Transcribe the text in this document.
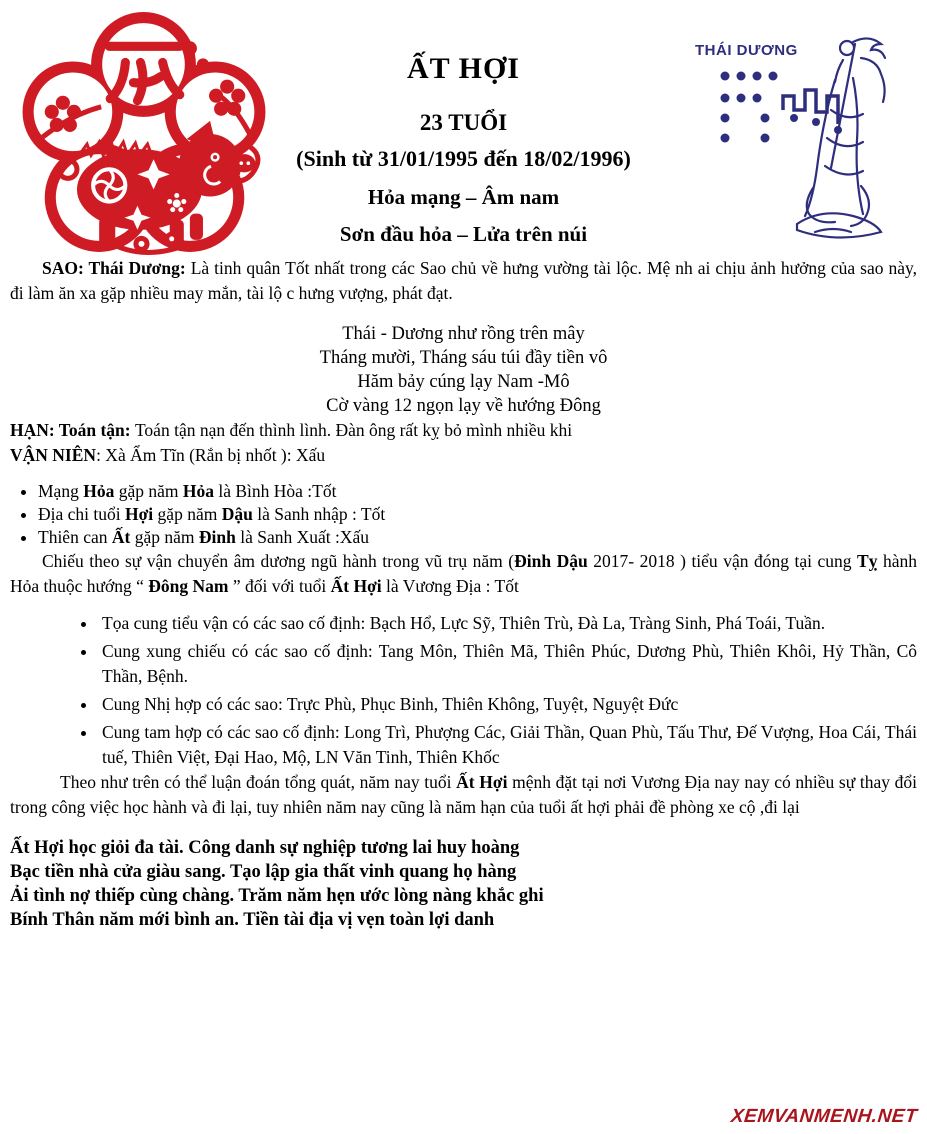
THÁI DƯƠNG
ẤT HỢI
23 TUỔI
(Sinh từ 31/01/1995 đến 18/02/1996)
Hỏa mạng – Âm nam
Sơn đầu hỏa – Lửa trên núi

SAO: Thái Dương: Là tinh quân Tốt nhất trong các Sao chủ về hưng vường tài lộc. Mệ nh ai chịu ảnh hưởng của sao này, đi làm ăn xa gặp nhiều may mắn, tài lộ c hưng vượng, phát đạt.

Thái - Dương như rồng trên mây

Tháng mười, Tháng sáu túi đầy tiền vô

Hăm bảy cúng lạy Nam -Mô

Cờ vàng 12 ngọn lạy về hướng Đông

HẠN: Toán tận: Toán tận nạn đến thình lình. Đàn ông rất kỵ bỏ mình nhiều khi

VẬN NIÊN: Xà Ẩm Tĩn (Rắn bị nhốt ): Xấu

• Mạng Hỏa gặp năm Hỏa là Bình Hòa :Tốt
• Địa chi tuổi Hợi gặp năm Dậu là Sanh nhập : Tốt
• Thiên can Ất gặp năm Đinh là Sanh Xuất :Xấu

Chiếu theo sự vận chuyển âm dương ngũ hành trong vũ trụ năm (Đinh Dậu 2017- 2018 ) tiểu vận đóng tại cung Tỵ hành Hỏa thuộc hướng “ Đông Nam ” đối với tuổi Ất Hợi là Vương Địa : Tốt

• Tọa cung tiểu vận có các sao cố định: Bạch Hổ, Lực Sỹ, Thiên Trù, Đà La, Tràng Sinh, Phá Toái, Tuần.
• Cung xung chiếu có các sao cố định: Tang Môn, Thiên Mã, Thiên Phúc, Dương Phù, Thiên Khôi, Hỷ Thần, Cô Thần, Bệnh.
• Cung Nhị hợp có các sao: Trực Phù, Phục Binh, Thiên Không, Tuyệt, Nguyệt Đức
• Cung tam hợp có các sao cố định: Long Trì, Phượng Các, Giải Thần, Quan Phù, Tấu Thư, Đế Vượng, Hoa Cái, Thái tuế, Thiên Việt, Đại Hao, Mộ, LN Văn Tinh, Thiên Khốc

Theo như trên có thể luận đoán tổng quát, năm nay tuổi Ất Hợi mệnh đặt tại nơi Vương Địa nay nay có nhiều sự thay đổi trong công việc học hành và đi lại, tuy nhiên năm nay cũng là năm hạn của tuổi ất hợi phải đề phòng xe cộ ,đi lại

Ất Hợi học giỏi đa tài. Công danh sự nghiệp tương lai huy hoàng

Bạc tiền nhà cửa giàu sang. Tạo lập gia thất vinh quang họ hàng

Ải tình nợ thiếp cùng chàng. Trăm năm hẹn ước lòng nàng khắc ghi

Bính Thân năm mới bình an. Tiền tài địa vị vẹn toàn lợi danh

XEMVANMENH.NET
